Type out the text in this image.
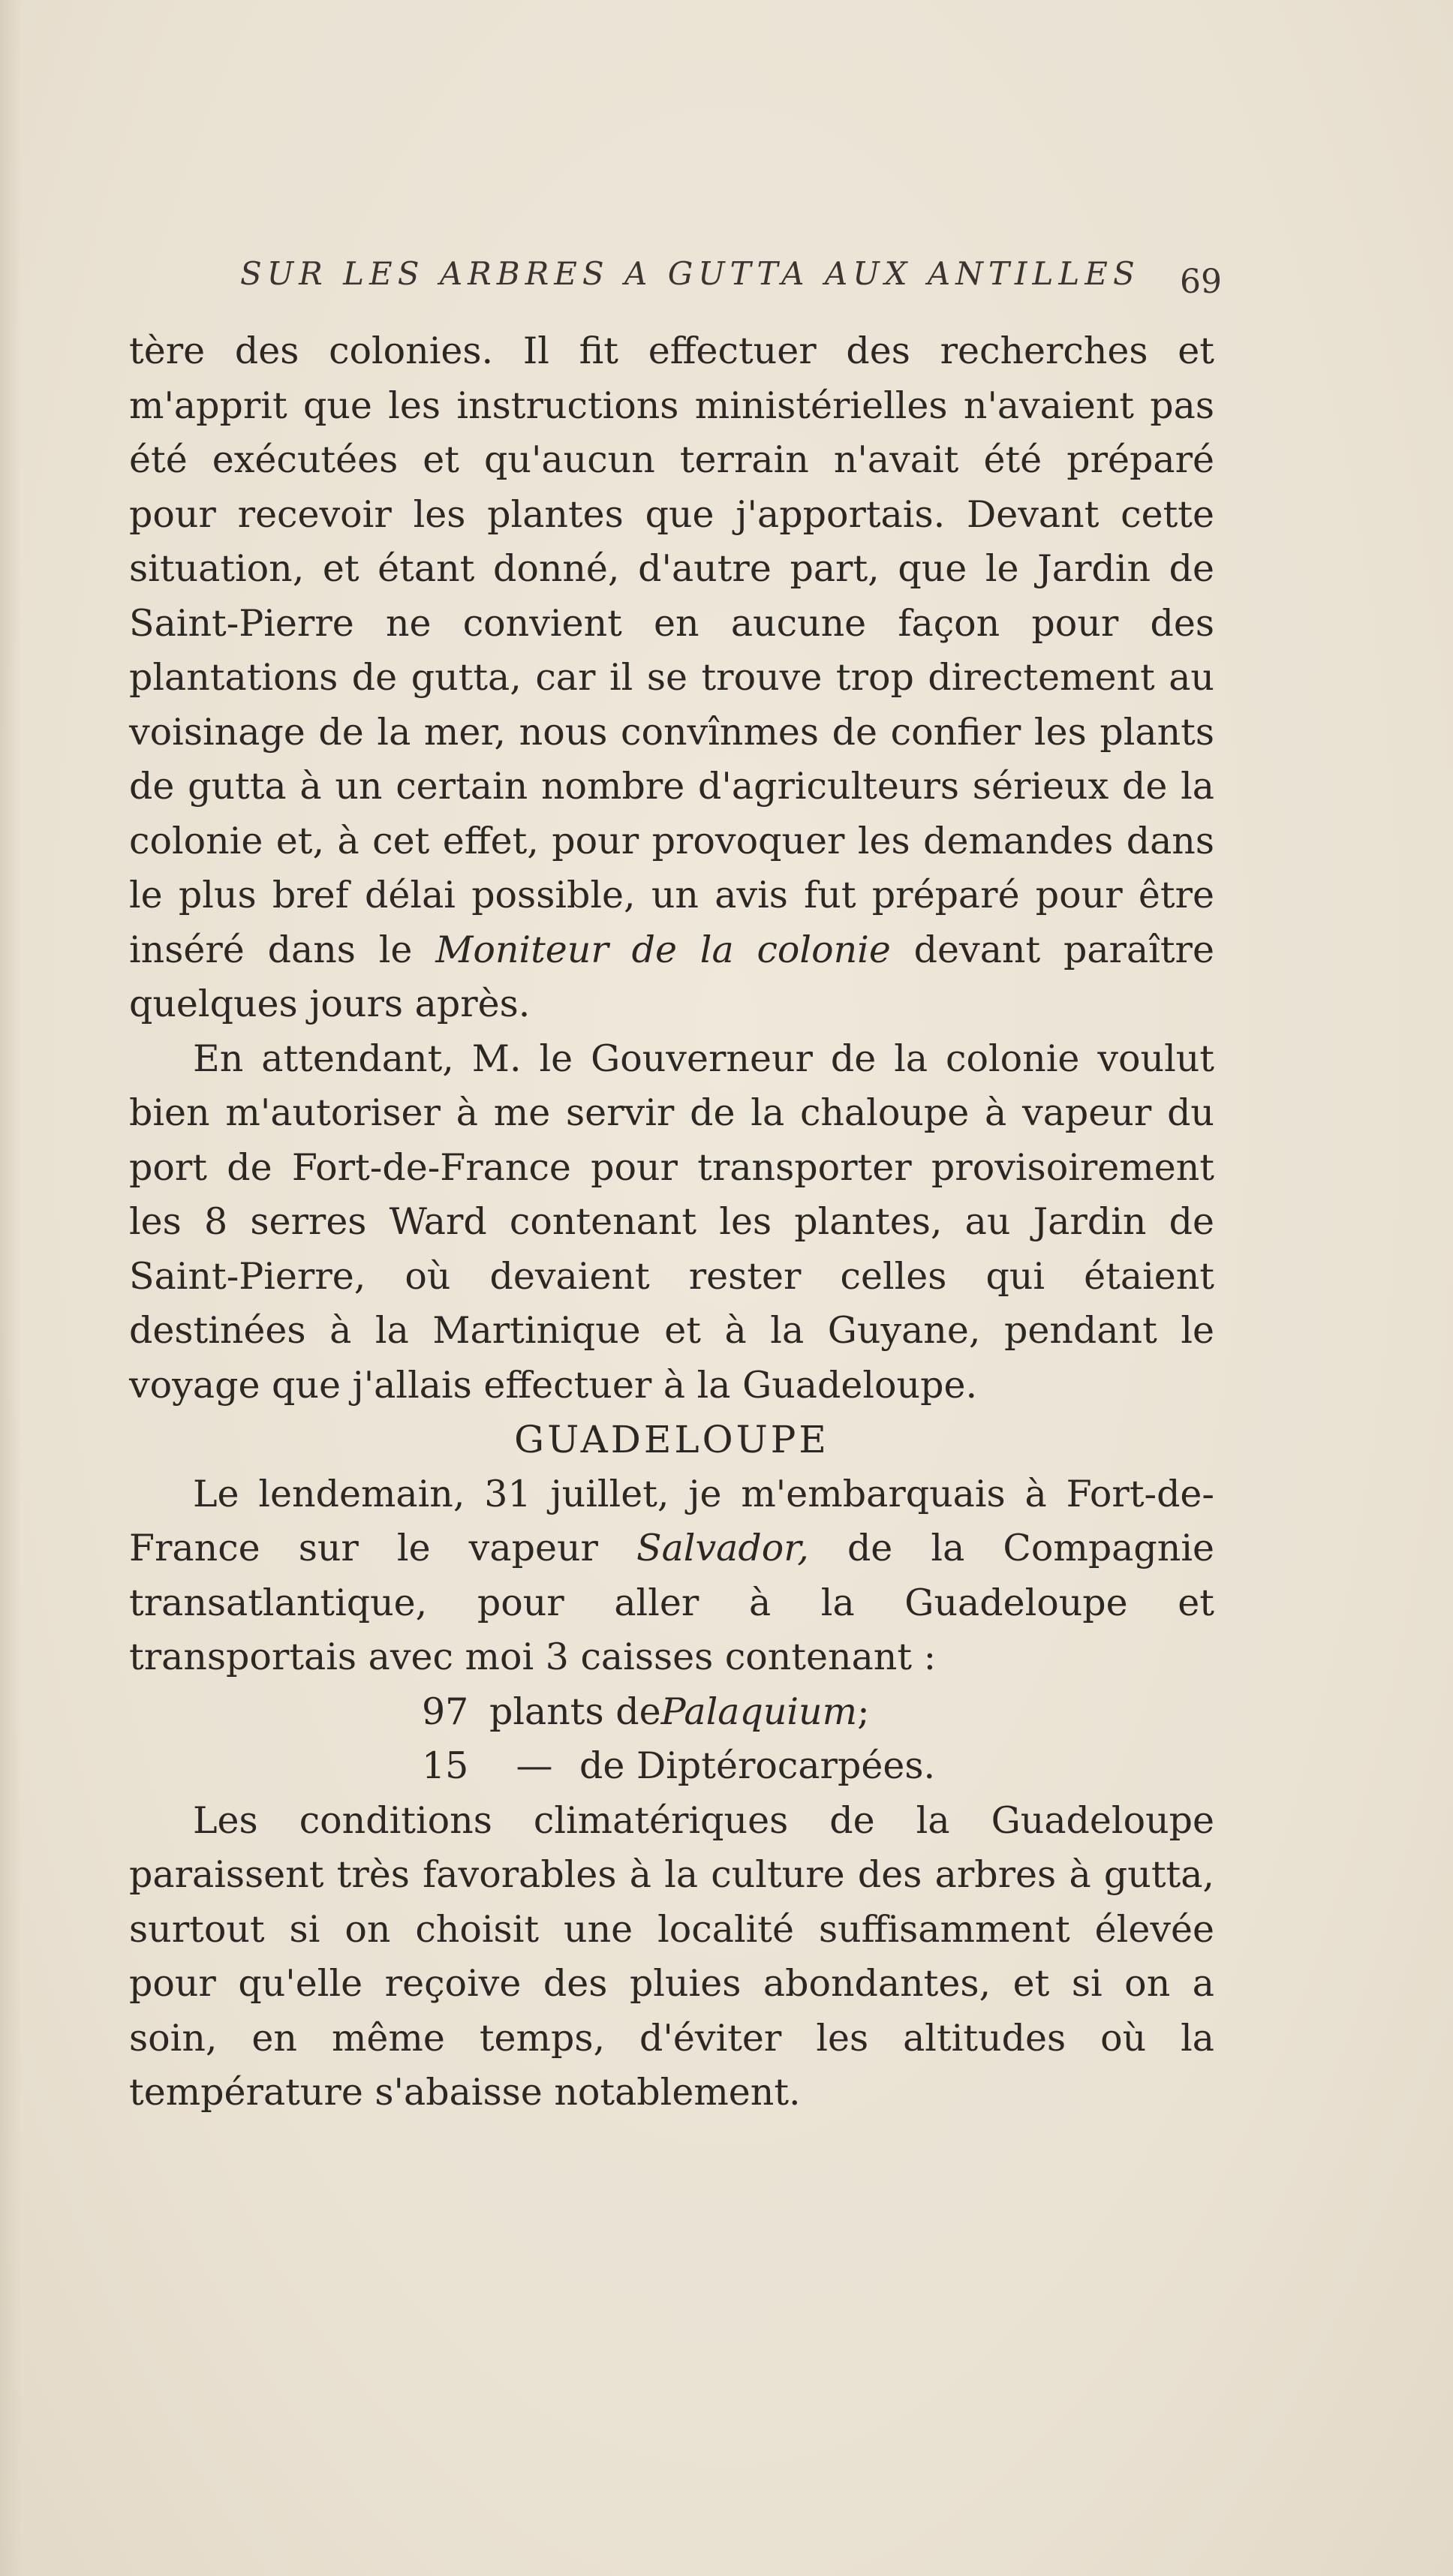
SUR LES ARBRES A GUTTA AUX ANTILLES	69

tère des colonies. Il fit effectuer des recherches et m'apprit que les instructions ministérielles n'avaient pas été exécutées et qu'aucun terrain n'avait été préparé pour recevoir les plantes que j'apportais. Devant cette situation, et étant donné, d'autre part, que le Jardin de Saint-Pierre ne convient en aucune façon pour des plantations de gutta, car il se trouve trop directement au voisinage de la mer, nous convînmes de confier les plants de gutta à un certain nombre d'agriculteurs sérieux de la colonie et, à cet effet, pour provoquer les demandes dans le plus bref délai possible, un avis fut préparé pour être inséré dans le Moniteur de la colonie devant paraître quelques jours après.

En attendant, M. le Gouverneur de la colonie voulut bien m'autoriser à me servir de la chaloupe à vapeur du port de Fort-de-France pour transporter provisoirement les 8 serres Ward contenant les plantes, au Jardin de Saint-Pierre, où devaient rester celles qui étaient destinées à la Martinique et à la Guyane, pendant le voyage que j'allais effectuer à la Guadeloupe.

GUADELOUPE

Le lendemain, 31 juillet, je m'embarquais à Fort-de-France sur le vapeur Salvador, de la Compagnie transatlantique, pour aller à la Guadeloupe et transportais avec moi 3 caisses contenant :

97 plants de Palaquium ;
15	— de Diptérocarpées.

Les conditions climatériques de la Guadeloupe paraissent très favorables à la culture des arbres à gutta, surtout si on choisit une localité suffisamment élevée pour qu'elle reçoive des pluies abondantes, et si on a soin, en même temps, d'éviter les altitudes où la température s'abaisse notablement.
